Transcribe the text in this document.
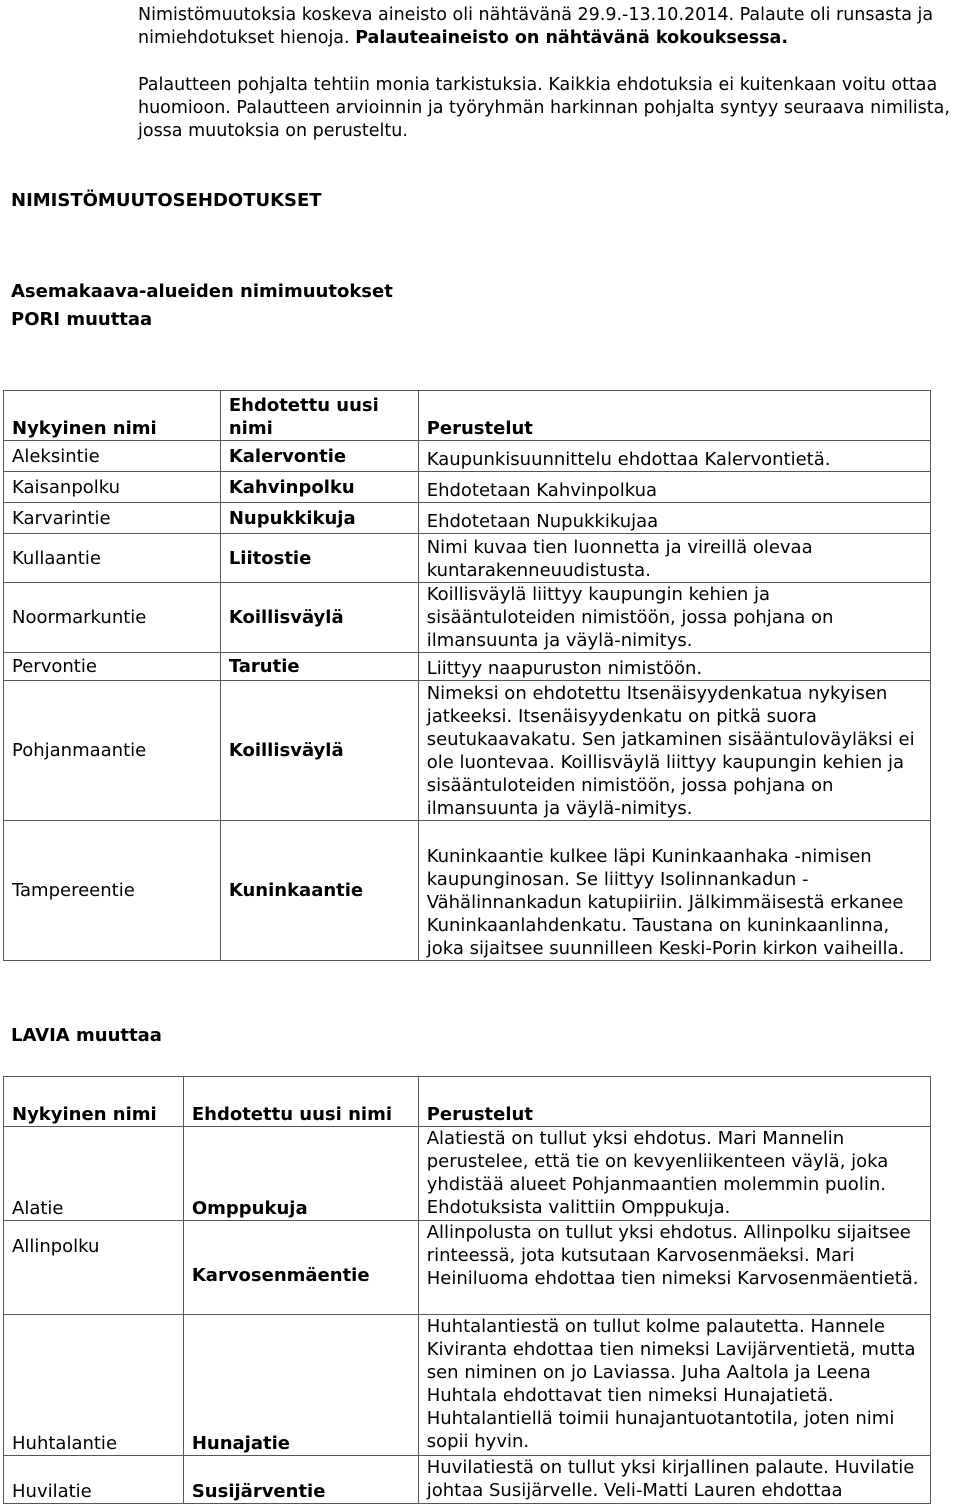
Nimistömuutoksia koskeva aineisto oli nähtävänä 29.9.-13.10.2014. Palaute oli runsasta ja nimiehdotukset hienoja. Palauteaineisto on nähtävänä kokouksessa.

Palautteen pohjalta tehtiin monia tarkistuksia. Kaikkia ehdotuksia ei kuitenkaan voitu ottaa huomioon. Palautteen arvioinnin ja työryhmän harkinnan pohjalta syntyy seuraava nimilista, jossa muutoksia on perusteltu.

NIMISTÖMUUTOSEHDOTUKSET
Asemakaava-alueiden nimimuutokset
PORI muuttaa
Nykyinen nimi	Ehdotettu uusi nimi	Perustelut
Aleksintie	Kalervontie	Kaupunkisuunnittelu ehdottaa Kalervontietä.
Kaisanpolku	Kahvinpolku	Ehdotetaan Kahvinpolkua
Karvarintie	Nupukkikuja	Ehdotetaan Nupukkikujaa
Kullaantie	Liitostie	Nimi kuvaa tien luonnetta ja vireillä olevaa kuntarakenneuudistusta.
Noormarkuntie	Koillisväylä	Koillisväylä liittyy kaupungin kehien ja sisääntuloteiden nimistöön, jossa pohjana on ilmansuunta ja väylä-nimitys.
Pervontie	Tarutie	Liittyy naapuruston nimistöön.
Pohjanmaantie	Koillisväylä	Nimeksi on ehdotettu Itsenäisyydenkatua nykyisen jatkeeksi. Itsenäisyydenkatu on pitkä suora seutukaavakatu. Sen jatkaminen sisääntuloväyläksi ei ole luontevaa. Koillisväylä liittyy kaupungin kehien ja sisääntuloteiden nimistöön, jossa pohjana on ilmansuunta ja väylä-nimitys.
Tampereentie	Kuninkaantie	Kuninkaantie kulkee läpi Kuninkaanhaka -nimisen kaupunginosan. Se liittyy Isolinnankadun - Vähälinnankadun katupiiriin. Jälkimmäisestä erkanee Kuninkaanlahdenkatu. Taustana on kuninkaanlinna, joka sijaitsee suunnilleen Keski-Porin kirkon vaiheilla.
LAVIA muuttaa
Nykyinen nimi	Ehdotettu uusi nimi	Perustelut
Alatie	Omppukuja	Alatiestä on tullut yksi ehdotus. Mari Mannelin perustelee, että tie on kevyenliikenteen väylä, joka yhdistää alueet Pohjanmaantien molemmin puolin. Ehdotuksista valittiin Omppukuja.
Allinpolku	Karvosenmäentie	Allinpolusta on tullut yksi ehdotus. Allinpolku sijaitsee rinteessä, jota kutsutaan Karvosenmäeksi. Mari Heiniluoma ehdottaa tien nimeksi Karvosenmäentietä.
Huhtalantie	Hunajatie	Huhtalantiestä on tullut kolme palautetta. Hannele Kiviranta ehdottaa tien nimeksi Lavijärventietä, mutta sen niminen on jo Laviassa. Juha Aaltola ja Leena Huhtala ehdottavat tien nimeksi Hunajatietä. Huhtalantiellä toimii hunajantuotantotila, joten nimi sopii hyvin.
Huvilatie	Susijärventie	Huvilatiestä on tullut yksi kirjallinen palaute. Huvilatie johtaa Susijärvelle. Veli-Matti Lauren ehdottaa
